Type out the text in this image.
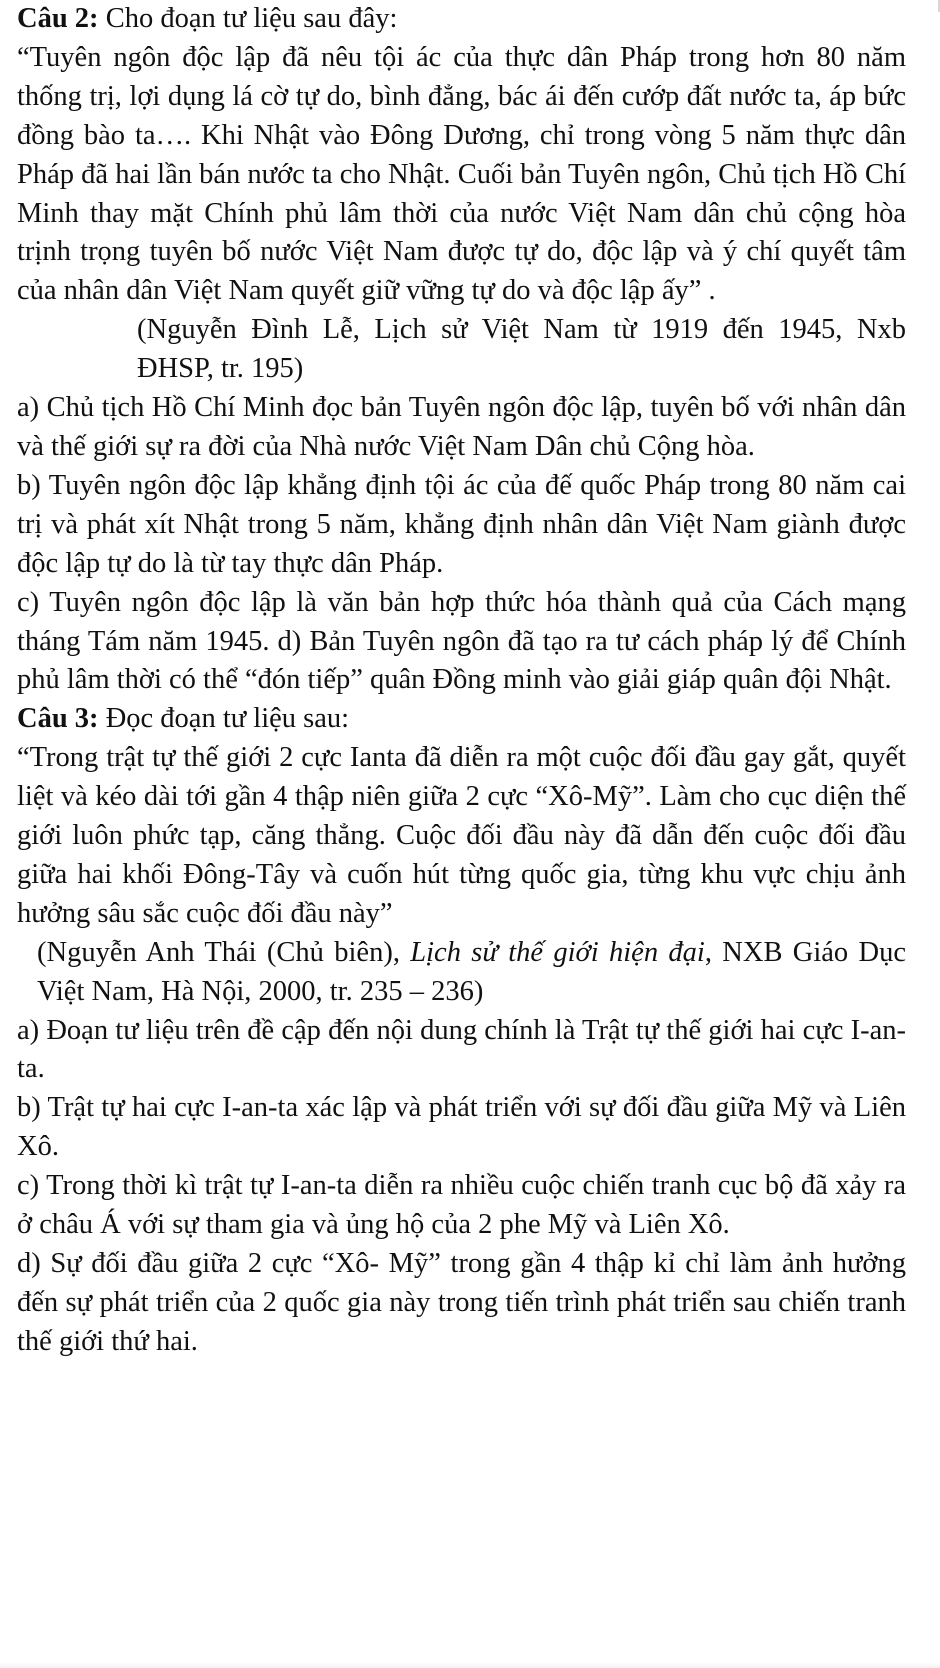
Câu 2: Cho đoạn tư liệu sau đây:

“Tuyên ngôn độc lập đã nêu tội ác của thực dân Pháp trong hơn 80 năm thống trị, lợi dụng lá cờ tự do, bình đẳng, bác ái đến cướp đất nước ta, áp bức đồng bào ta…. Khi Nhật vào Đông Dương, chỉ trong vòng 5 năm thực dân Pháp đã hai lần bán nước ta cho Nhật. Cuối bản Tuyên ngôn, Chủ tịch Hồ Chí Minh thay mặt Chính phủ lâm thời của nước Việt Nam dân chủ cộng hòa trịnh trọng tuyên bố nước Việt Nam được tự do, độc lập và ý chí quyết tâm của nhân dân Việt Nam quyết giữ vững tự do và độc lập ấy” .

(Nguyễn Đình Lễ, Lịch sử Việt Nam từ 1919 đến 1945, Nxb ĐHSP, tr. 195)

a) Chủ tịch Hồ Chí Minh đọc bản Tuyên ngôn độc lập, tuyên bố với nhân dân và thế giới sự ra đời của Nhà nước Việt Nam Dân chủ Cộng hòa.

b) Tuyên ngôn độc lập khẳng định tội ác của đế quốc Pháp trong 80 năm cai trị và phát xít Nhật trong 5 năm, khẳng định nhân dân Việt Nam giành được độc lập tự do là từ tay thực dân Pháp.

c) Tuyên ngôn độc lập là văn bản hợp thức hóa thành quả của Cách mạng tháng Tám năm 1945. d) Bản Tuyên ngôn đã tạo ra tư cách pháp lý để Chính phủ lâm thời có thể “đón tiếp” quân Đồng minh vào giải giáp quân đội Nhật.

Câu 3: Đọc đoạn tư liệu sau:

“Trong trật tự thế giới 2 cực Ianta đã diễn ra một cuộc đối đầu gay gắt, quyết liệt và kéo dài tới gần 4 thập niên giữa 2 cực “Xô-Mỹ”. Làm cho cục diện thế giới luôn phức tạp, căng thẳng. Cuộc đối đầu này đã dẫn đến cuộc đối đầu giữa hai khối Đông-Tây và cuốn hút từng quốc gia, từng khu vực chịu ảnh hưởng sâu sắc cuộc đối đầu này”

(Nguyễn Anh Thái (Chủ biên), Lịch sử thế giới hiện đại, NXB Giáo Dục Việt Nam, Hà Nội, 2000, tr. 235 – 236)

a) Đoạn tư liệu trên đề cập đến nội dung chính là Trật tự thế giới hai cực I-an-ta.

b) Trật tự hai cực I-an-ta xác lập và phát triển với sự đối đầu giữa Mỹ và Liên Xô.

c) Trong thời kì trật tự I-an-ta diễn ra nhiều cuộc chiến tranh cục bộ đã xảy ra ở châu Á với sự tham gia và ủng hộ của 2 phe Mỹ và Liên Xô.

d) Sự đối đầu giữa 2 cực “Xô- Mỹ” trong gần 4 thập kỉ chỉ làm ảnh hưởng đến sự phát triển của 2 quốc gia này trong tiến trình phát triển sau chiến tranh thế giới thứ hai.
